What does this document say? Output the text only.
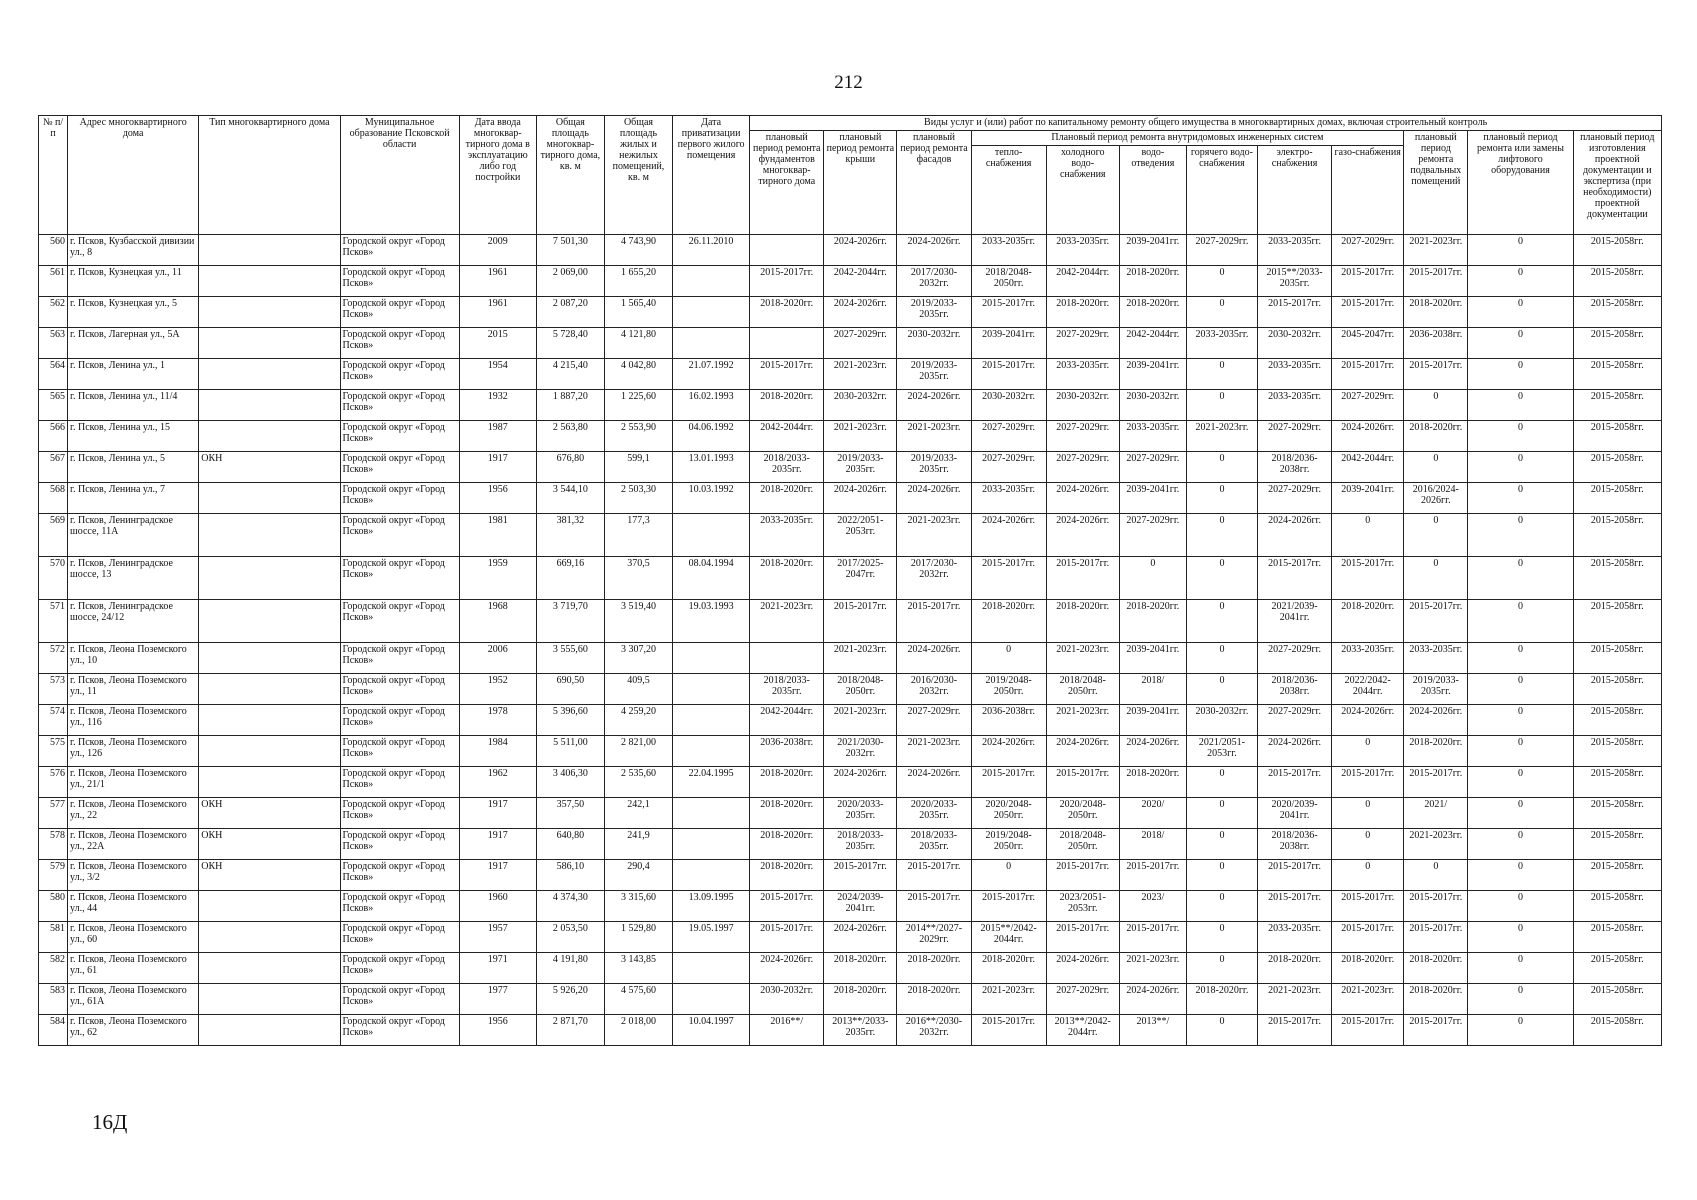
212
№ п/п	Адрес многоквартирного дома	Тип многоквартирного дома	Муниципальное образование Псковской области	Дата ввода многоквар-тирного дома в эксплуатацию либо год постройки	Общая площадь многоквар-тирного дома, кв. м	Общая площадь жилых и нежилых помещений, кв. м	Дата приватизации первого жилого помещения	Виды услуг и (или) работ по капитальному ремонту общего имущества в многоквартирных домах, включая строительный контроль											
								плановый период ремонта фундаментов многоквар-тирного дома	плановый период ремонта крыши	плановый период ремонта фасадов	Плановый период ремонта внутридомовых инженерных систем						плановый период ремонта подвальных помещений	плановый период ремонта или замены лифтового оборудования	плановый период изготовления проектной документации и экспертиза (при необходимости) проектной документации
											тепло-снабжения	холодного водо-снабжения	водо-отведения	горячего водо-снабжения	электро-снабжения	газо-снабжения			
560	г. Псков, Кузбасской дивизии ул., 8		Городской округ «Город Псков»	2009	7 501,30	4 743,90	26.11.2010		2024-2026гг.	2024-2026гг.	2033-2035гг.	2033-2035гг.	2039-2041гг.	2027-2029гг.	2033-2035гг.	2027-2029гг.	2021-2023гг.	0	2015-2058гг.
561	г. Псков, Кузнецкая ул., 11		Городской округ «Город Псков»	1961	2 069,00	1 655,20		2015-2017гг.	2042-2044гг.	2017/2030-2032гг.	2018/2048-2050гг.	2042-2044гг.	2018-2020гг.	0	2015**/2033-2035гг.	2015-2017гг.	2015-2017гг.	0	2015-2058гг.
562	г. Псков, Кузнецкая ул., 5		Городской округ «Город Псков»	1961	2 087,20	1 565,40		2018-2020гг.	2024-2026гг.	2019/2033-2035гг.	2015-2017гг.	2018-2020гг.	2018-2020гг.	0	2015-2017гг.	2015-2017гг.	2018-2020гг.	0	2015-2058гг.
563	г. Псков, Лагерная ул., 5А		Городской округ «Город Псков»	2015	5 728,40	4 121,80			2027-2029гг.	2030-2032гг.	2039-2041гг.	2027-2029гг.	2042-2044гг.	2033-2035гг.	2030-2032гг.	2045-2047гг.	2036-2038гг.	0	2015-2058гг.
564	г. Псков, Ленина ул., 1		Городской округ «Город Псков»	1954	4 215,40	4 042,80	21.07.1992	2015-2017гг.	2021-2023гг.	2019/2033-2035гг.	2015-2017гг.	2033-2035гг.	2039-2041гг.	0	2033-2035гг.	2015-2017гг.	2015-2017гг.	0	2015-2058гг.
565	г. Псков, Ленина ул., 11/4		Городской округ «Город Псков»	1932	1 887,20	1 225,60	16.02.1993	2018-2020гг.	2030-2032гг.	2024-2026гг.	2030-2032гг.	2030-2032гг.	2030-2032гг.	0	2033-2035гг.	2027-2029гг.	0	0	2015-2058гг.
566	г. Псков, Ленина ул., 15		Городской округ «Город Псков»	1987	2 563,80	2 553,90	04.06.1992	2042-2044гг.	2021-2023гг.	2021-2023гг.	2027-2029гг.	2027-2029гг.	2033-2035гг.	2021-2023гг.	2027-2029гг.	2024-2026гг.	2018-2020гг.	0	2015-2058гг.
567	г. Псков, Ленина ул., 5	ОКН	Городской округ «Город Псков»	1917	676,80	599,1	13.01.1993	2018/2033-2035гг.	2019/2033-2035гг.	2019/2033-2035гг.	2027-2029гг.	2027-2029гг.	2027-2029гг.	0	2018/2036-2038гг.	2042-2044гг.	0	0	2015-2058гг.
568	г. Псков, Ленина ул., 7		Городской округ «Город Псков»	1956	3 544,10	2 503,30	10.03.1992	2018-2020гг.	2024-2026гг.	2024-2026гг.	2033-2035гг.	2024-2026гг.	2039-2041гг.	0	2027-2029гг.	2039-2041гг.	2016/2024-2026гг.	0	2015-2058гг.
569	г. Псков, Ленинградское шоссе, 11А		Городской округ «Город Псков»	1981	381,32	177,3		2033-2035гг.	2022/2051-2053гг.	2021-2023гг.	2024-2026гг.	2024-2026гг.	2027-2029гг.	0	2024-2026гг.	0	0	0	2015-2058гг.
570	г. Псков, Ленинградское шоссе, 13		Городской округ «Город Псков»	1959	669,16	370,5	08.04.1994	2018-2020гг.	2017/2025-2047гг.	2017/2030-2032гг.	2015-2017гг.	2015-2017гг.	0	0	2015-2017гг.	2015-2017гг.	0	0	2015-2058гг.
571	г. Псков, Ленинградское шоссе, 24/12		Городской округ «Город Псков»	1968	3 719,70	3 519,40	19.03.1993	2021-2023гг.	2015-2017гг.	2015-2017гг.	2018-2020гг.	2018-2020гг.	2018-2020гг.	0	2021/2039-2041гг.	2018-2020гг.	2015-2017гг.	0	2015-2058гг.
572	г. Псков, Леона Поземского ул., 10		Городской округ «Город Псков»	2006	3 555,60	3 307,20			2021-2023гг.	2024-2026гг.	0	2021-2023гг.	2039-2041гг.	0	2027-2029гг.	2033-2035гг.	2033-2035гг.	0	2015-2058гг.
573	г. Псков, Леона Поземского ул., 11		Городской округ «Город Псков»	1952	690,50	409,5		2018/2033-2035гг.	2018/2048-2050гг.	2016/2030-2032гг.	2019/2048-2050гг.	2018/2048-2050гг.	2018/	0	2018/2036-2038гг.	2022/2042-2044гг.	2019/2033-2035гг.	0	2015-2058гг.
574	г. Псков, Леона Поземского ул., 116		Городской округ «Город Псков»	1978	5 396,60	4 259,20		2042-2044гг.	2021-2023гг.	2027-2029гг.	2036-2038гг.	2021-2023гг.	2039-2041гг.	2030-2032гг.	2027-2029гг.	2024-2026гг.	2024-2026гг.	0	2015-2058гг.
575	г. Псков, Леона Поземского ул., 126		Городской округ «Город Псков»	1984	5 511,00	2 821,00		2036-2038гг.	2021/2030-2032гг.	2021-2023гг.	2024-2026гг.	2024-2026гг.	2024-2026гг.	2021/2051-2053гг.	2024-2026гг.	0	2018-2020гг.	0	2015-2058гг.
576	г. Псков, Леона Поземского ул., 21/1		Городской округ «Город Псков»	1962	3 406,30	2 535,60	22.04.1995	2018-2020гг.	2024-2026гг.	2024-2026гг.	2015-2017гг.	2015-2017гг.	2018-2020гг.	0	2015-2017гг.	2015-2017гг.	2015-2017гг.	0	2015-2058гг.
577	г. Псков, Леона Поземского ул., 22	ОКН	Городской округ «Город Псков»	1917	357,50	242,1		2018-2020гг.	2020/2033-2035гг.	2020/2033-2035гг.	2020/2048-2050гг.	2020/2048-2050гг.	2020/	0	2020/2039-2041гг.	0	2021/	0	2015-2058гг.
578	г. Псков, Леона Поземского ул., 22А	ОКН	Городской округ «Город Псков»	1917	640,80	241,9		2018-2020гг.	2018/2033-2035гг.	2018/2033-2035гг.	2019/2048-2050гг.	2018/2048-2050гг.	2018/	0	2018/2036-2038гг.	0	2021-2023гг.	0	2015-2058гг.
579	г. Псков, Леона Поземского ул., 3/2	ОКН	Городской округ «Город Псков»	1917	586,10	290,4		2018-2020гг.	2015-2017гг.	2015-2017гг.	0	2015-2017гг.	2015-2017гг.	0	2015-2017гг.	0	0	0	2015-2058гг.
580	г. Псков, Леона Поземского ул., 44		Городской округ «Город Псков»	1960	4 374,30	3 315,60	13.09.1995	2015-2017гг.	2024/2039-2041гг.	2015-2017гг.	2015-2017гг.	2023/2051-2053гг.	2023/	0	2015-2017гг.	2015-2017гг.	2015-2017гг.	0	2015-2058гг.
581	г. Псков, Леона Поземского ул., 60		Городской округ «Город Псков»	1957	2 053,50	1 529,80	19.05.1997	2015-2017гг.	2024-2026гг.	2014**/2027-2029гг.	2015**/2042-2044гг.	2015-2017гг.	2015-2017гг.	0	2033-2035гг.	2015-2017гг.	2015-2017гг.	0	2015-2058гг.
582	г. Псков, Леона Поземского ул., 61		Городской округ «Город Псков»	1971	4 191,80	3 143,85		2024-2026гг.	2018-2020гг.	2018-2020гг.	2018-2020гг.	2024-2026гг.	2021-2023гг.	0	2018-2020гг.	2018-2020гг.	2018-2020гг.	0	2015-2058гг.
583	г. Псков, Леона Поземского ул., 61А		Городской округ «Город Псков»	1977	5 926,20	4 575,60		2030-2032гг.	2018-2020гг.	2018-2020гг.	2021-2023гг.	2027-2029гг.	2024-2026гг.	2018-2020гг.	2021-2023гг.	2021-2023гг.	2018-2020гг.	0	2015-2058гг.
584	г. Псков, Леона Поземского ул., 62		Городской округ «Город Псков»	1956	2 871,70	2 018,00	10.04.1997	2016**/	2013**/2033-2035гг.	2016**/2030-2032гг.	2015-2017гг.	2013**/2042-2044гг.	2013**/	0	2015-2017гг.	2015-2017гг.	2015-2017гг.	0	2015-2058гг.
16Д
